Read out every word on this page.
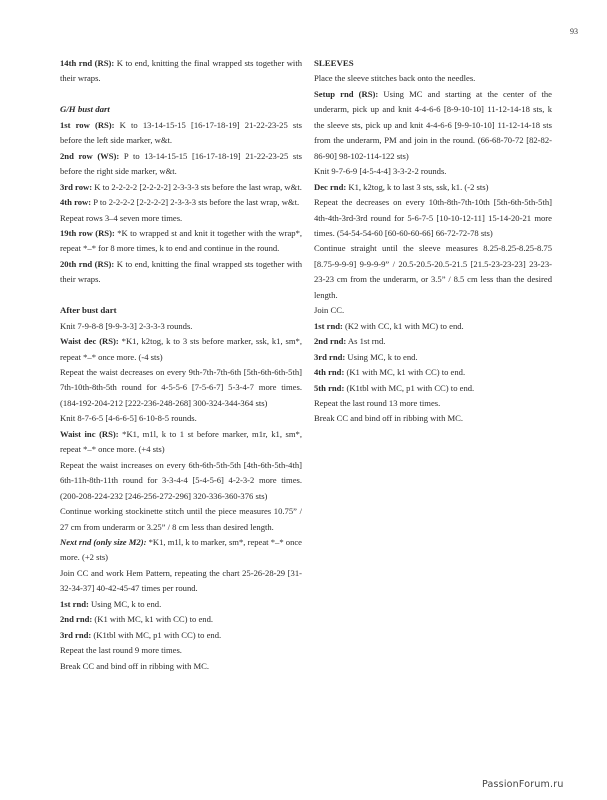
93

14th rnd (RS): K to end, knitting the final wrapped sts together with their wraps.

G/H bust dart

1st row (RS): K to 13-14-15-15 [16-17-18-19] 21-22-23-25 sts before the left side marker, w&t.

2nd row (WS): P to 13-14-15-15 [16-17-18-19] 21-22-23-25 sts before the right side marker, w&t.

3rd row: K to 2-2-2-2 [2-2-2-2] 2-3-3-3 sts before the last wrap, w&t.

4th row: P to 2-2-2-2 [2-2-2-2] 2-3-3-3 sts before the last wrap, w&t.

Repeat rows 3–4 seven more times.

19th row (RS): *K to wrapped st and knit it together with the wrap*, repeat *–* for 8 more times, k to end and continue in the round.

20th rnd (RS): K to end, knitting the final wrapped sts together with their wraps.

After bust dart

Knit 7-9-8-8 [9-9-3-3] 2-3-3-3 rounds.

Waist dec (RS): *K1, k2tog, k to 3 sts before marker, ssk, k1, sm*, repeat *–* once more. (-4 sts)

Repeat the waist decreases on every 9th-7th-7th-6th [5th-6th-6th-5th] 7th-10th-8th-5th round for 4-5-5-6 [7-5-6-7] 5-3-4-7 more times. (184-192-204-212 [222-236-248-268] 300-324-344-364 sts)

Knit 8-7-6-5 [4-6-6-5] 6-10-8-5 rounds.

Waist inc (RS): *K1, m1l, k to 1 st before marker, m1r, k1, sm*, repeat *–* once more. (+4 sts)

Repeat the waist increases on every 6th-6th-5th-5th [4th-6th-5th-4th] 6th-11h-8th-11th round for 3-3-4-4 [5-4-5-6] 4-2-3-2 more times. (200-208-224-232 [246-256-272-296] 320-336-360-376 sts)

Continue working stockinette stitch until the piece measures 10.75” / 27 cm from underarm or 3.25” / 8 cm less than desired length.

Next rnd (only size M2): *K1, m1l, k to marker, sm*, repeat *–* once more. (+2 sts)

Join CC and work Hem Pattern, repeating the chart 25-26-28-29 [31-32-34-37] 40-42-45-47 times per round.

1st rnd: Using MC, k to end.

2nd rnd: (K1 with MC, k1 with CC) to end.

3rd rnd: (K1tbl with MC, p1 with CC) to end.

Repeat the last round 9 more times.

Break CC and bind off in ribbing with MC.

SLEEVES

Place the sleeve stitches back onto the needles.

Setup rnd (RS): Using MC and starting at the center of the underarm, pick up and knit 4-4-6-6 [8-9-10-10] 11-12-14-18 sts, k the sleeve sts, pick up and knit 4-4-6-6 [9-9-10-10] 11-12-14-18 sts from the underarm, PM and join in the round. (66-68-70-72 [82-82-86-90] 98-102-114-122 sts)

Knit 9-7-6-9 [4-5-4-4] 3-3-2-2 rounds.

Dec rnd: K1, k2tog, k to last 3 sts, ssk, k1. (-2 sts)

Repeat the decreases on every 10th-8th-7th-10th [5th-6th-5th-5th] 4th-4th-3rd-3rd round for 5-6-7-5 [10-10-12-11] 15-14-20-21 more times. (54-54-54-60 [60-60-60-66] 66-72-72-78 sts)

Continue straight until the sleeve measures 8.25-8.25-8.25-8.75 [8.75-9-9-9] 9-9-9-9” / 20.5-20.5-20.5-21.5 [21.5-23-23-23] 23-23-23-23 cm from the underarm, or 3.5” / 8.5 cm less than the desired length.

Join CC.

1st rnd: (K2 with CC, k1 with MC) to end.

2nd rnd: As 1st rnd.

3rd rnd: Using MC, k to end.

4th rnd: (K1 with MC, k1 with CC) to end.

5th rnd: (K1tbl with MC, p1 with CC) to end.

Repeat the last round 13 more times.

Break CC and bind off in ribbing with MC.

PassionForum.ru
